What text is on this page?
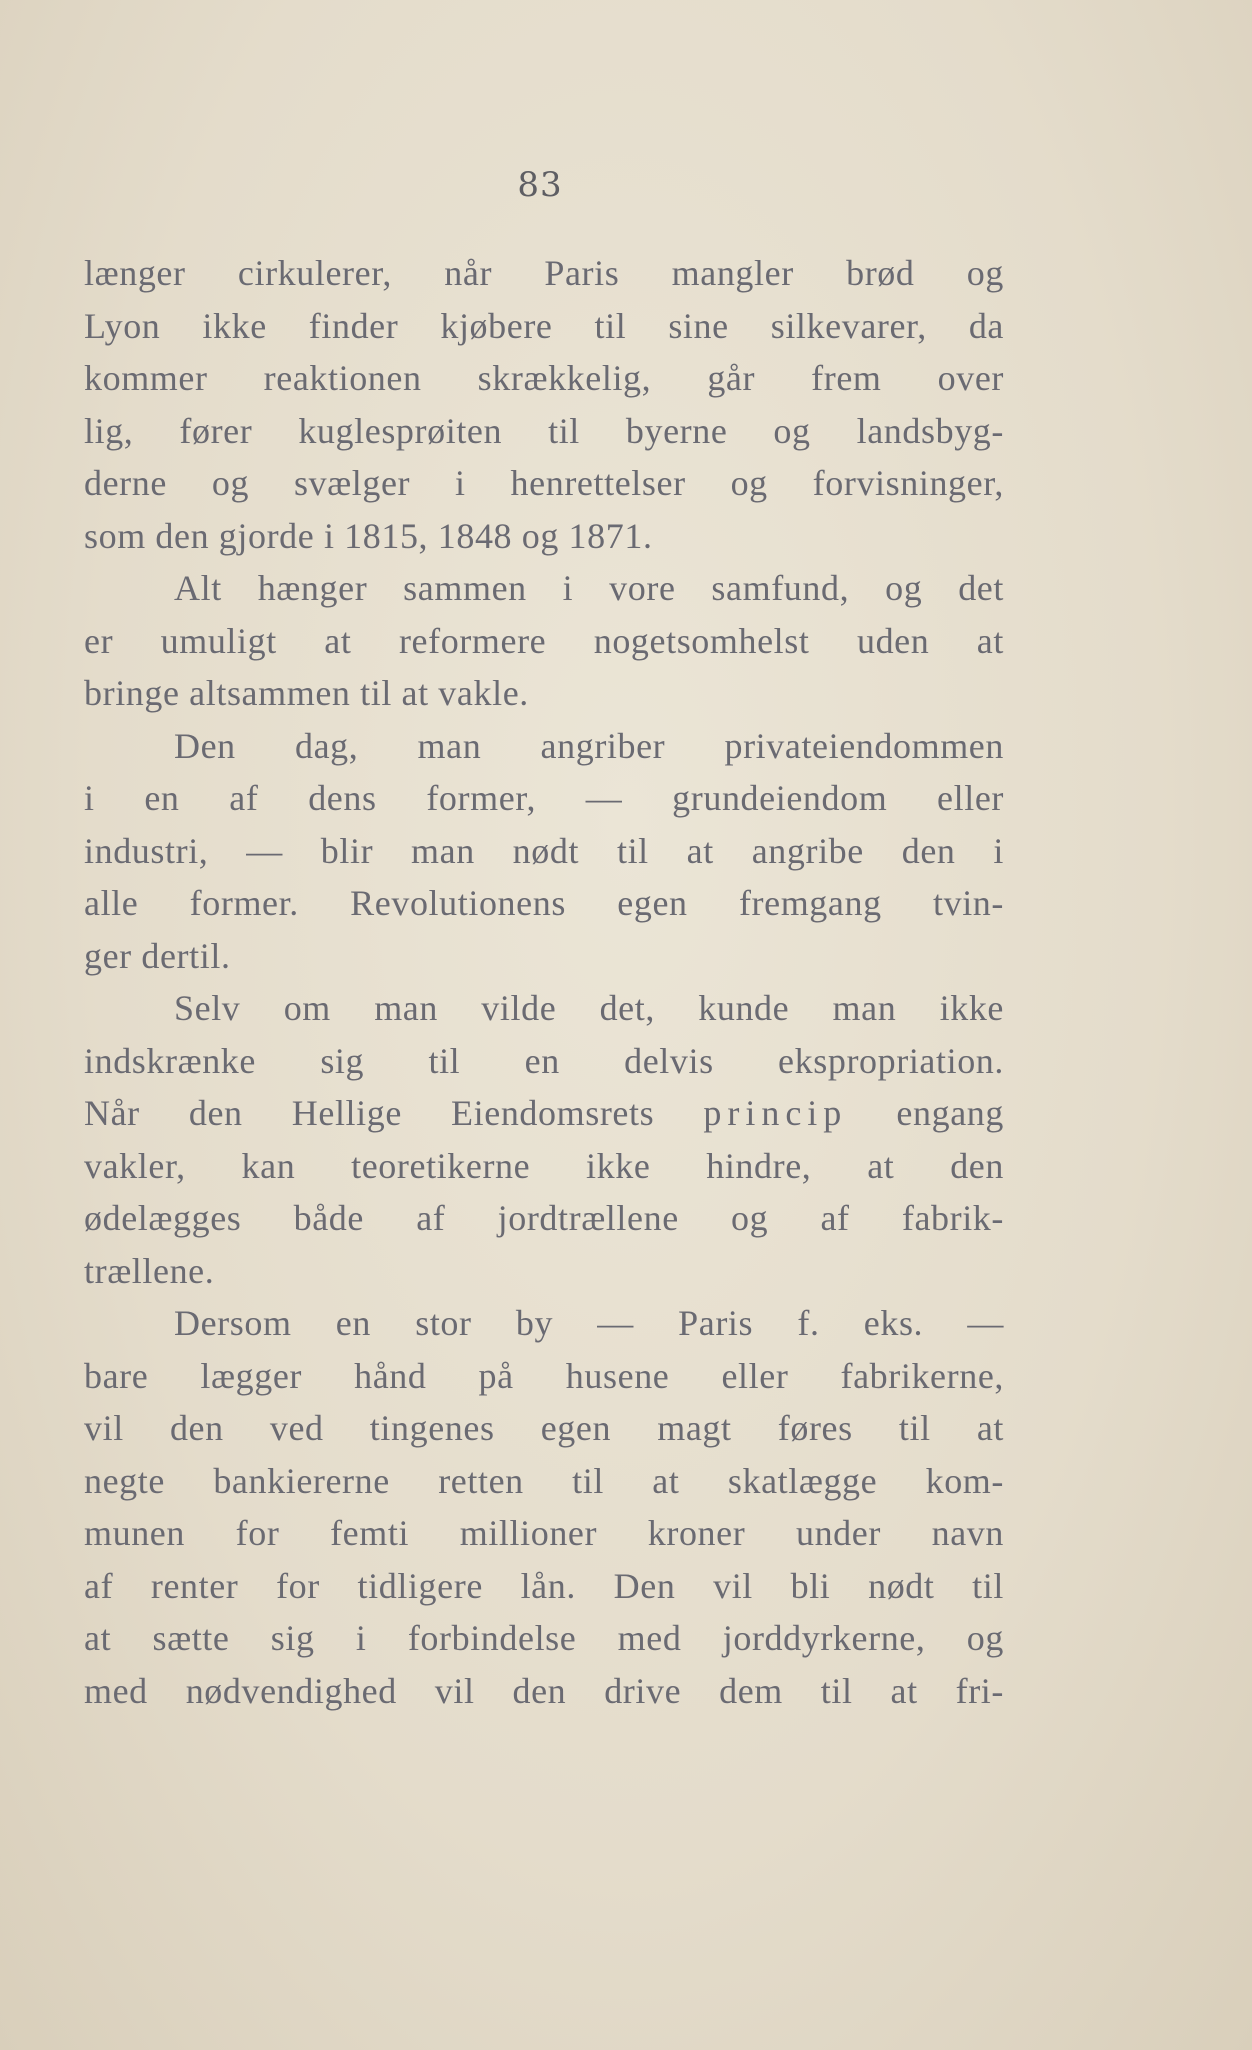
83
længer cirkulerer, når Paris mangler brød og
Lyon ikke finder kjøbere til sine silkevarer, da
kommer reaktionen skrækkelig, går frem over
lig, fører kuglesprøiten til byerne og landsbyg-
derne og svælger i henrettelser og forvisninger,
som den gjorde i 1815, 1848 og 1871.
Alt hænger sammen i vore samfund, og det
er umuligt at reformere nogetsomhelst uden at
bringe altsammen til at vakle.
Den dag, man angriber privateiendommen
i en af dens former, — grundeiendom eller
industri, — blir man nødt til at angribe den i
alle former. Revolutionens egen fremgang tvin-
ger dertil.
Selv om man vilde det, kunde man ikke
indskrænke sig til en delvis ekspropriation.
Når den Hellige Eiendomsrets princip engang
vakler, kan teoretikerne ikke hindre, at den
ødelægges både af jordtrællene og af fabrik-
trællene.
Dersom en stor by — Paris f. eks. —
bare lægger hånd på husene eller fabrikerne,
vil den ved tingenes egen magt føres til at
negte bankiererne retten til at skatlægge kom-
munen for femti millioner kroner under navn
af renter for tidligere lån. Den vil bli nødt til
at sætte sig i forbindelse med jorddyrkerne, og
med nødvendighed vil den drive dem til at fri-
